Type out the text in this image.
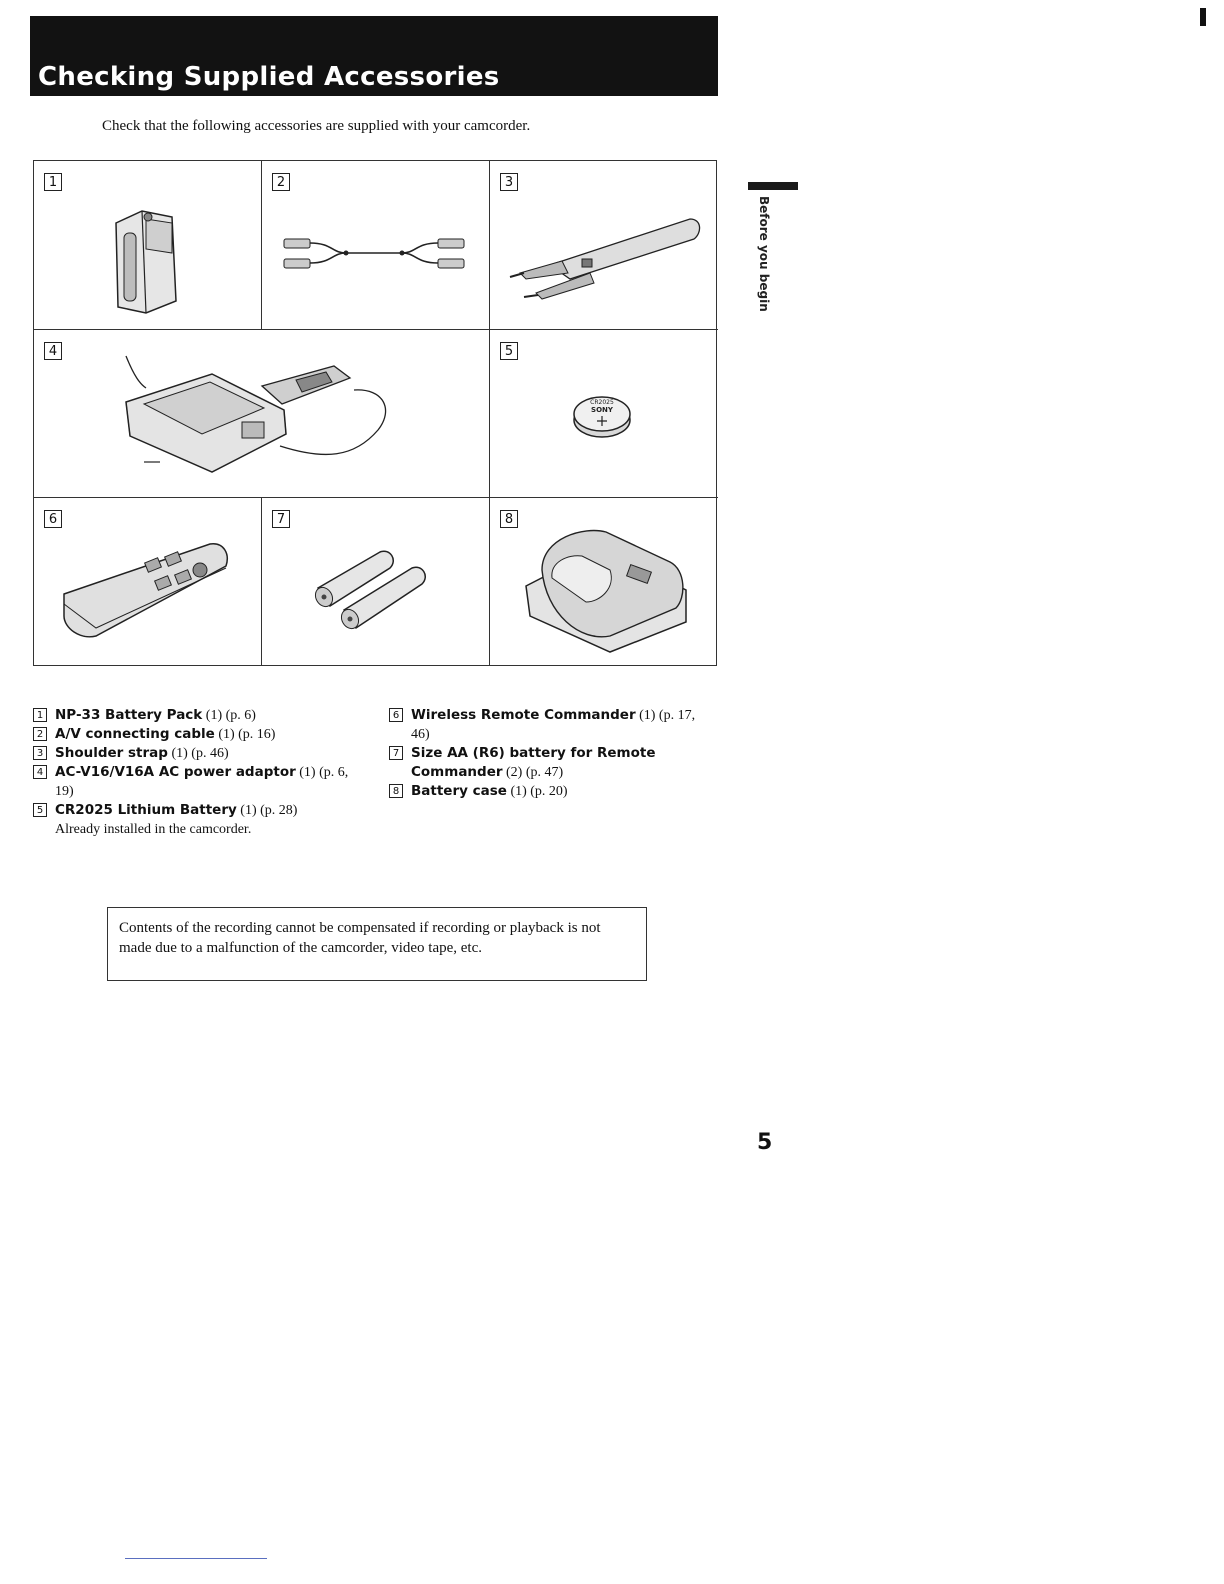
Checking Supplied Accessories

Check that the following accessories are supplied with your camcorder.

Before you begin
1	2	3
4	5
SONY
CR2025
6	7	8
1 NP-33 Battery Pack (1) (p. 6)
2 A/V connecting cable (1) (p. 16)
3 Shoulder strap (1) (p. 46)
4 AC-V16/V16A AC power adaptor (1) (p. 6, 19)
5 CR2025 Lithium Battery (1) (p. 28)
Already installed in the camcorder.
6 Wireless Remote Commander (1) (p. 17, 46)
7 Size AA (R6) battery for Remote Commander (2) (p. 47)
8 Battery case (1) (p. 20)
Contents of the recording cannot be compensated if recording or playback is not made due to a malfunction of the camcorder, video tape, etc.
5
